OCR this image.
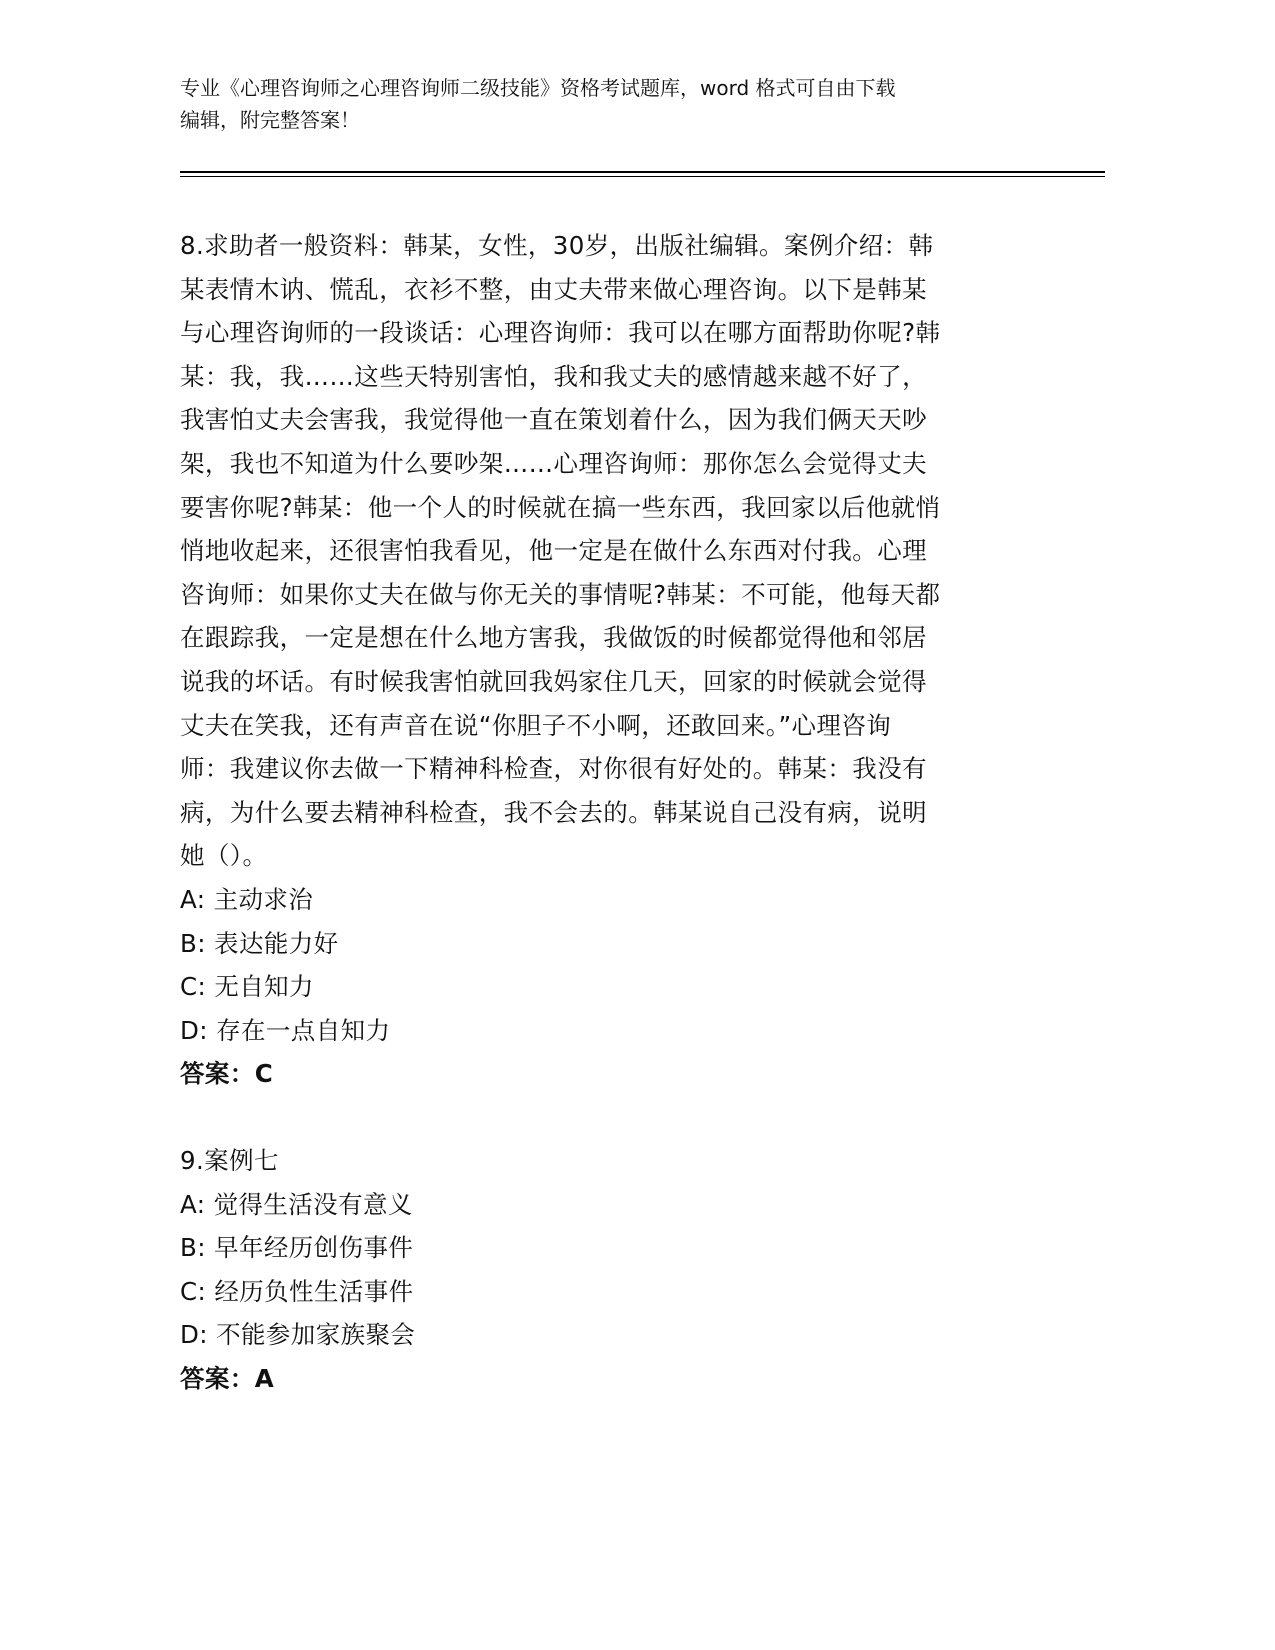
专业《心理咨询师之心理咨询师二级技能》资格考试题库，word 格式可自由下载
编辑，附完整答案！
8.求助者一般资料：韩某，女性，30岁，出版社编辑。案例介绍：韩
某表情木讷、慌乱，衣衫不整，由丈夫带来做心理咨询。以下是韩某
与心理咨询师的一段谈话：心理咨询师：我可以在哪方面帮助你呢?韩
某：我，我……这些天特别害怕，我和我丈夫的感情越来越不好了，
我害怕丈夫会害我，我觉得他一直在策划着什么，因为我们俩天天吵
架，我也不知道为什么要吵架……心理咨询师：那你怎么会觉得丈夫
要害你呢?韩某：他一个人的时候就在搞一些东西，我回家以后他就悄
悄地收起来，还很害怕我看见，他一定是在做什么东西对付我。心理
咨询师：如果你丈夫在做与你无关的事情呢?韩某：不可能，他每天都
在跟踪我，一定是想在什么地方害我，我做饭的时候都觉得他和邻居
说我的坏话。有时候我害怕就回我妈家住几天，回家的时候就会觉得
丈夫在笑我，还有声音在说“你胆子不小啊，还敢回来。”心理咨询
师：我建议你去做一下精神科检查，对你很有好处的。韩某：我没有
病，为什么要去精神科检查，我不会去的。韩某说自己没有病，说明
她（）。
A: 主动求治
B: 表达能力好
C: 无自知力
D: 存在一点自知力
答案：C
9.案例七
A: 觉得生活没有意义
B: 早年经历创伤事件
C: 经历负性生活事件
D: 不能参加家族聚会
答案：A
